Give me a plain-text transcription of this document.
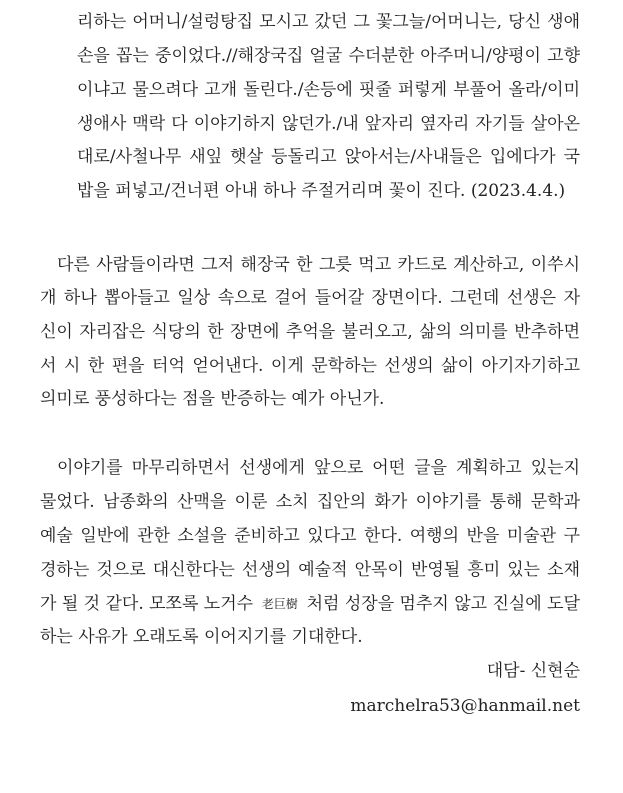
리하는 어머니/설렁탕집 모시고 갔던 그 꽃그늘/어머니는, 당신 생애
손을 꼽는 중이었다.//해장국집 얼굴 수더분한 아주머니/양평이 고향
이냐고 물으려다 고개 돌린다./손등에 핏줄 퍼렇게 부풀어 올라/이미
생애사 맥락 다 이야기하지 않던가./내 앞자리 옆자리 자기들 살아온
대로/사철나무 새잎 햇살 등돌리고 앉아서는/사내들은 입에다가 국
밥을 퍼넣고/건너편 아내 하나 주절거리며 꽃이 진다. (2023.4.4.)
다른 사람들이라면 그저 해장국 한 그릇 먹고 카드로 계산하고, 이쑤시
개 하나 뽑아들고 일상 속으로 걸어 들어갈 장면이다. 그런데 선생은 자
신이 자리잡은 식당의 한 장면에 추억을 불러오고, 삶의 의미를 반추하면
서 시 한 편을 터억 얻어낸다. 이게 문학하는 선생의 삶이 아기자기하고
의미로 풍성하다는 점을 반증하는 예가 아닌가.
이야기를 마무리하면서 선생에게 앞으로 어떤 글을 계획하고 있는지
물었다. 남종화의 산맥을 이룬 소치 집안의 화가 이야기를 통해 문학과
예술 일반에 관한 소설을 준비하고 있다고 한다. 여행의 반을 미술관 구
경하는 것으로 대신한다는 선생의 예술적 안목이 반영될 흥미 있는 소재
가 될 것 같다. 모쪼록 노거수 老巨樹 처럼 성장을 멈추지 않고 진실에 도달
하는 사유가 오래도록 이어지기를 기대한다.
대담- 신현순
marchelra53@hanmail.net
